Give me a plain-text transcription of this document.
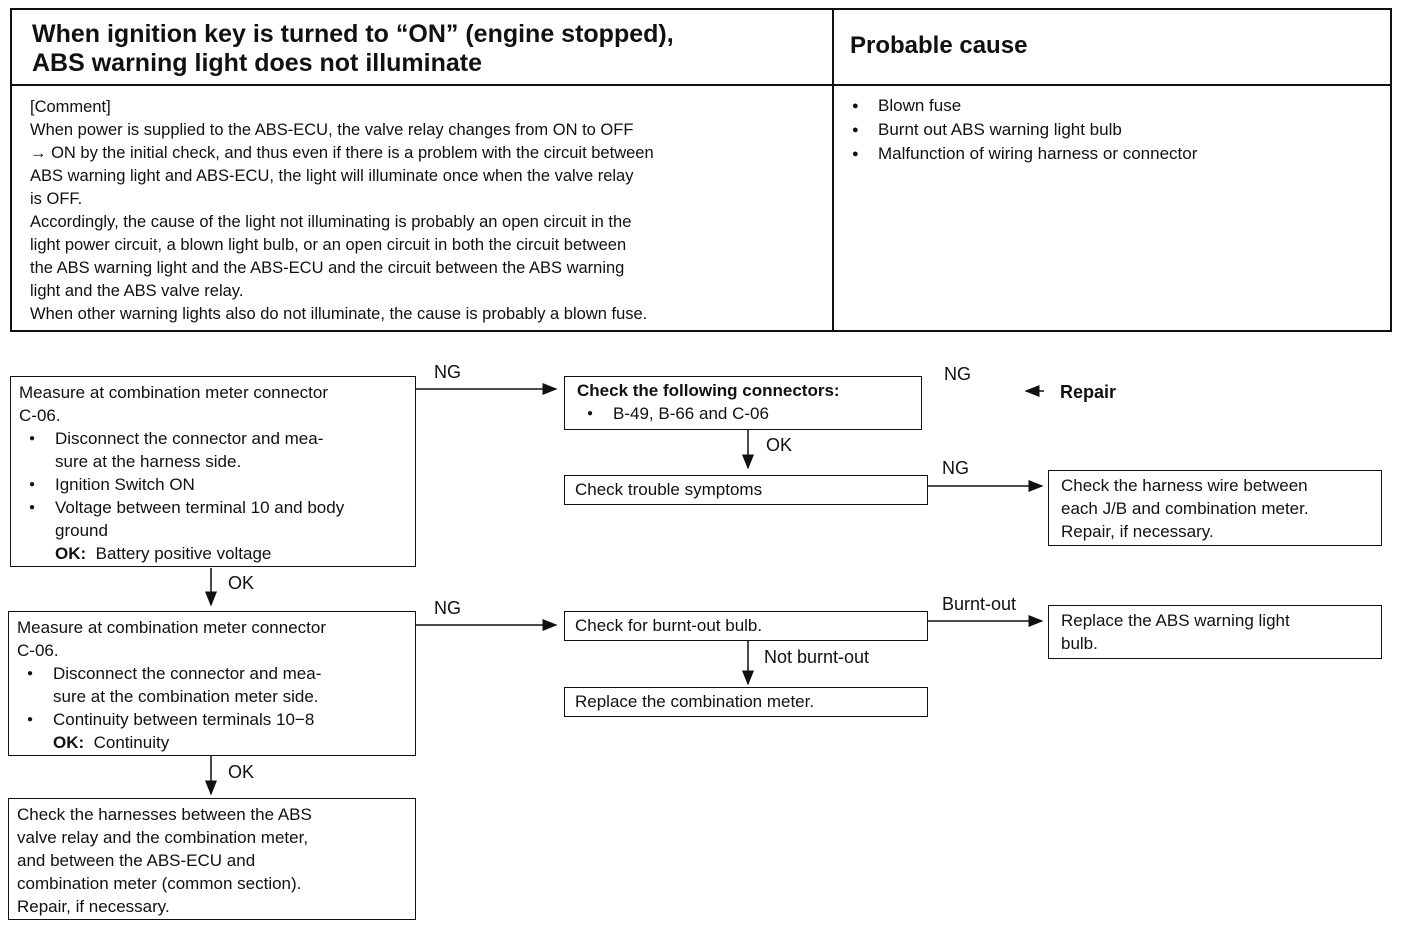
When ignition key is turned to “ON” (engine stopped),
ABS warning light does not illuminate
Probable cause
[Comment]
When power is supplied to the ABS-ECU, the valve relay changes from ON to OFF
→ ON by the initial check, and thus even if there is a problem with the circuit between
ABS warning light and ABS-ECU, the light will illuminate once when the valve relay
is OFF.
Accordingly, the cause of the light not illuminating is probably an open circuit in the
light power circuit, a blown light bulb, or an open circuit in both the circuit between
the ABS warning light and the ABS-ECU and the circuit between the ABS warning
light and the ABS valve relay.
When other warning lights also do not illuminate, the cause is probably a blown fuse.
● Blown fuse
● Burnt out ABS warning light bulb
● Malfunction of wiring harness or connector
NG	NG
OK
NG
OK
NG	Burnt-out
Not burnt-out
OK
Measure at combination meter connector
C-06.
● Disconnect the connector and mea-
sure at the harness side.
● Ignition Switch ON
● Voltage between terminal 10 and body
ground
OK: Battery positive voltage
Measure at combination meter connector
C-06.
● Disconnect the connector and mea-
sure at the combination meter side.
● Continuity between terminals 10−8
OK: Continuity
Check the harnesses between the ABS
valve relay and the combination meter,
and between the ABS-ECU and
combination meter (common section).
Repair, if necessary.
Check the following connectors:
● B-49, B-66 and C-06
Repair
Check trouble symptoms	Check the harness wire between
each J/B and combination meter.
Repair, if necessary.
Check for burnt-out bulb.
Replace the combination meter.
Replace the ABS warning light
bulb.
